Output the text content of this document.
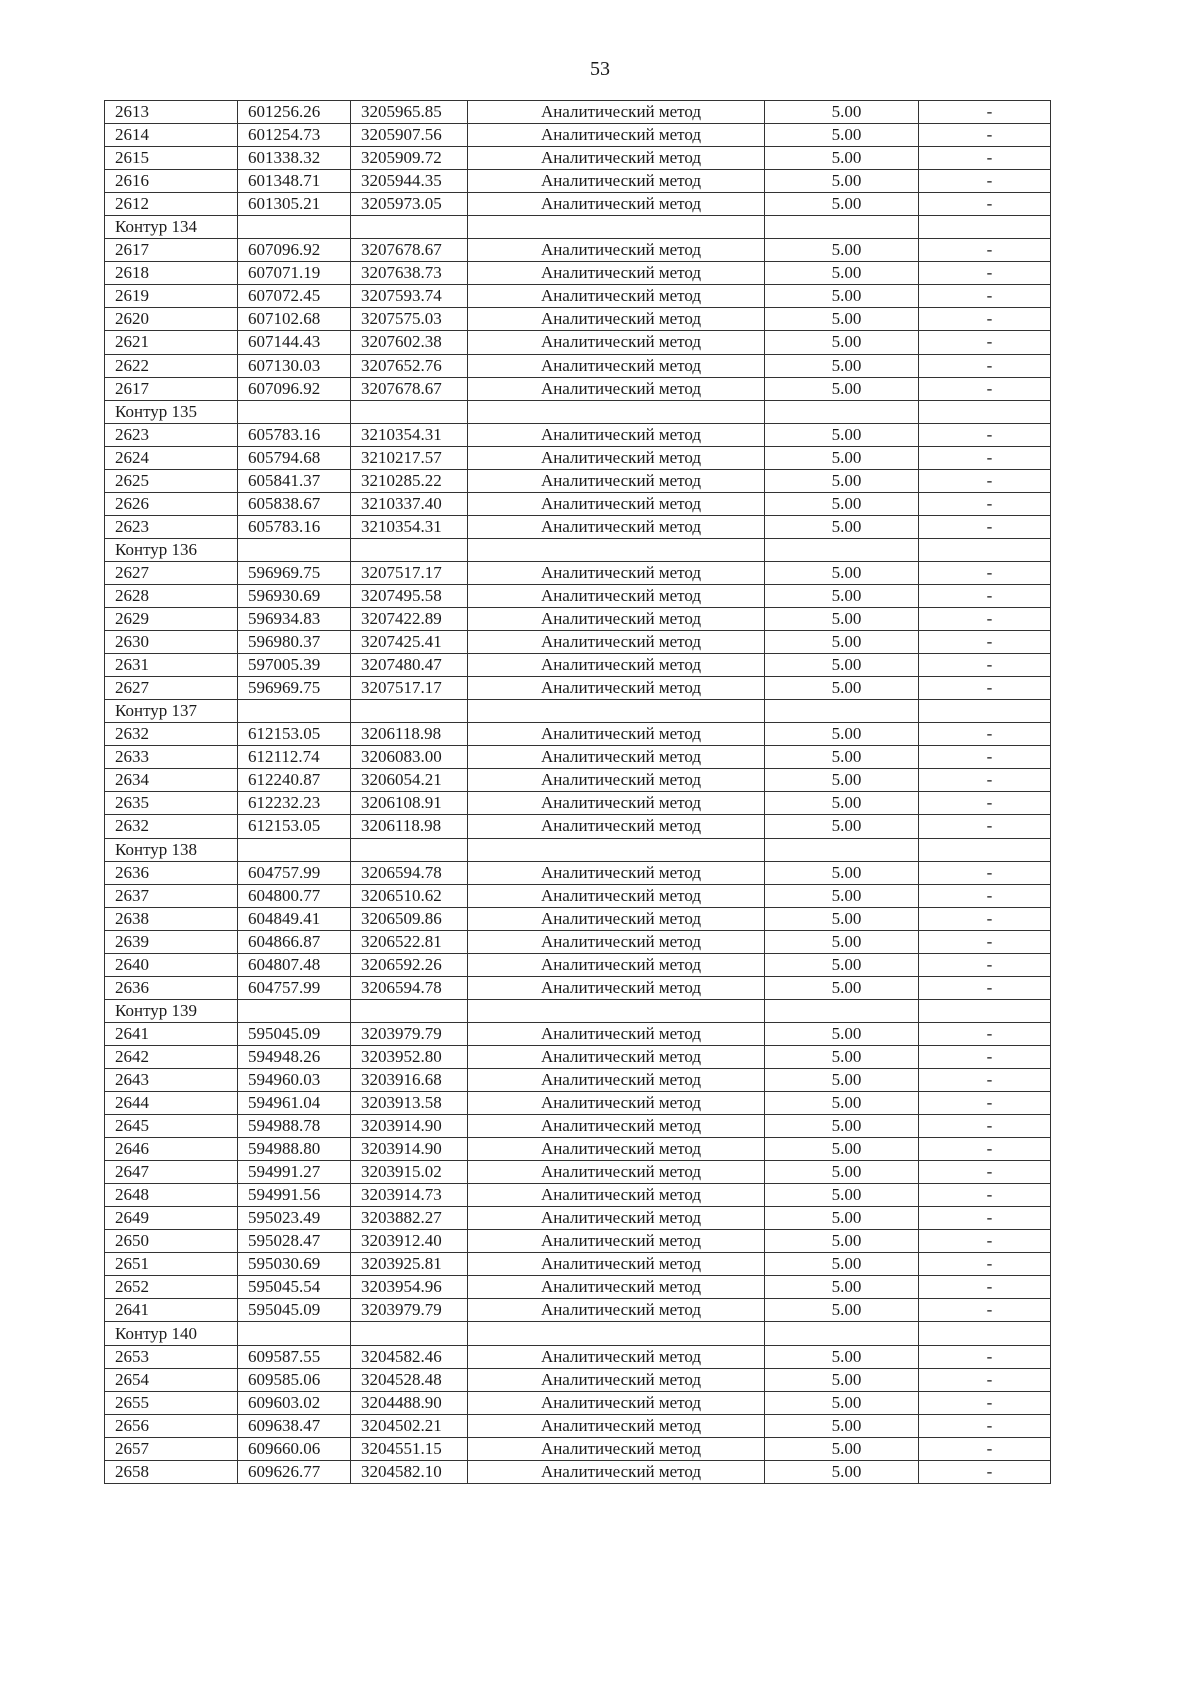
53
2613	601256.26	3205965.85	Аналитический метод	5.00	-
2614	601254.73	3205907.56	Аналитический метод	5.00	-
2615	601338.32	3205909.72	Аналитический метод	5.00	-
2616	601348.71	3205944.35	Аналитический метод	5.00	-
2612	601305.21	3205973.05	Аналитический метод	5.00	-
Контур 134					
2617	607096.92	3207678.67	Аналитический метод	5.00	-
2618	607071.19	3207638.73	Аналитический метод	5.00	-
2619	607072.45	3207593.74	Аналитический метод	5.00	-
2620	607102.68	3207575.03	Аналитический метод	5.00	-
2621	607144.43	3207602.38	Аналитический метод	5.00	-
2622	607130.03	3207652.76	Аналитический метод	5.00	-
2617	607096.92	3207678.67	Аналитический метод	5.00	-
Контур 135					
2623	605783.16	3210354.31	Аналитический метод	5.00	-
2624	605794.68	3210217.57	Аналитический метод	5.00	-
2625	605841.37	3210285.22	Аналитический метод	5.00	-
2626	605838.67	3210337.40	Аналитический метод	5.00	-
2623	605783.16	3210354.31	Аналитический метод	5.00	-
Контур 136					
2627	596969.75	3207517.17	Аналитический метод	5.00	-
2628	596930.69	3207495.58	Аналитический метод	5.00	-
2629	596934.83	3207422.89	Аналитический метод	5.00	-
2630	596980.37	3207425.41	Аналитический метод	5.00	-
2631	597005.39	3207480.47	Аналитический метод	5.00	-
2627	596969.75	3207517.17	Аналитический метод	5.00	-
Контур 137					
2632	612153.05	3206118.98	Аналитический метод	5.00	-
2633	612112.74	3206083.00	Аналитический метод	5.00	-
2634	612240.87	3206054.21	Аналитический метод	5.00	-
2635	612232.23	3206108.91	Аналитический метод	5.00	-
2632	612153.05	3206118.98	Аналитический метод	5.00	-
Контур 138					
2636	604757.99	3206594.78	Аналитический метод	5.00	-
2637	604800.77	3206510.62	Аналитический метод	5.00	-
2638	604849.41	3206509.86	Аналитический метод	5.00	-
2639	604866.87	3206522.81	Аналитический метод	5.00	-
2640	604807.48	3206592.26	Аналитический метод	5.00	-
2636	604757.99	3206594.78	Аналитический метод	5.00	-
Контур 139					
2641	595045.09	3203979.79	Аналитический метод	5.00	-
2642	594948.26	3203952.80	Аналитический метод	5.00	-
2643	594960.03	3203916.68	Аналитический метод	5.00	-
2644	594961.04	3203913.58	Аналитический метод	5.00	-
2645	594988.78	3203914.90	Аналитический метод	5.00	-
2646	594988.80	3203914.90	Аналитический метод	5.00	-
2647	594991.27	3203915.02	Аналитический метод	5.00	-
2648	594991.56	3203914.73	Аналитический метод	5.00	-
2649	595023.49	3203882.27	Аналитический метод	5.00	-
2650	595028.47	3203912.40	Аналитический метод	5.00	-
2651	595030.69	3203925.81	Аналитический метод	5.00	-
2652	595045.54	3203954.96	Аналитический метод	5.00	-
2641	595045.09	3203979.79	Аналитический метод	5.00	-
Контур 140					
2653	609587.55	3204582.46	Аналитический метод	5.00	-
2654	609585.06	3204528.48	Аналитический метод	5.00	-
2655	609603.02	3204488.90	Аналитический метод	5.00	-
2656	609638.47	3204502.21	Аналитический метод	5.00	-
2657	609660.06	3204551.15	Аналитический метод	5.00	-
2658	609626.77	3204582.10	Аналитический метод	5.00	-
